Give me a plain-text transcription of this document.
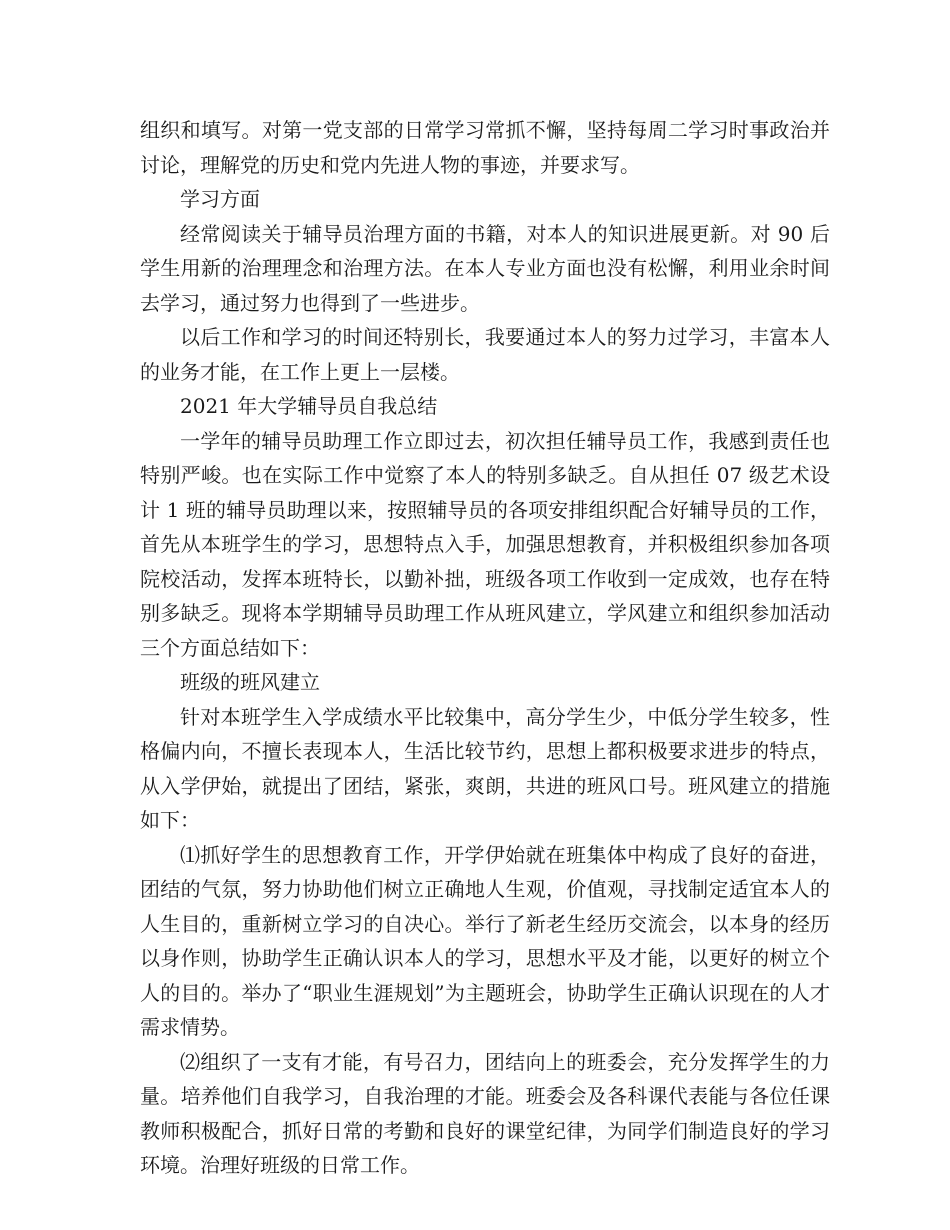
组织和填写。对第一党支部的日常学习常抓不懈，坚持每周二学习时事政治并讨论，理解党的历史和党内先进人物的事迹，并要求写。

学习方面

经常阅读关于辅导员治理方面的书籍，对本人的知识进展更新。对 90 后学生用新的治理理念和治理方法。在本人专业方面也没有松懈，利用业余时间去学习，通过努力也得到了一些进步。

以后工作和学习的时间还特别长，我要通过本人的努力过学习，丰富本人的业务才能，在工作上更上一层楼。

2021 年大学辅导员自我总结

一学年的辅导员助理工作立即过去，初次担任辅导员工作，我感到责任也特别严峻。也在实际工作中觉察了本人的特别多缺乏。自从担任 07 级艺术设计 1 班的辅导员助理以来，按照辅导员的各项安排组织配合好辅导员的工作，首先从本班学生的学习，思想特点入手，加强思想教育，并积极组织参加各项院校活动，发挥本班特长，以勤补拙，班级各项工作收到一定成效，也存在特别多缺乏。现将本学期辅导员助理工作从班风建立，学风建立和组织参加活动三个方面总结如下：

班级的班风建立

针对本班学生入学成绩水平比较集中，高分学生少，中低分学生较多，性格偏内向，不擅长表现本人，生活比较节约，思想上都积极要求进步的特点，从入学伊始，就提出了团结，紧张，爽朗，共进的班风口号。班风建立的措施如下：

⑴抓好学生的思想教育工作，开学伊始就在班集体中构成了良好的奋进，团结的气氛，努力协助他们树立正确地人生观，价值观，寻找制定适宜本人的人生目的，重新树立学习的自决心。举行了新老生经历交流会，以本身的经历以身作则，协助学生正确认识本人的学习，思想水平及才能，以更好的树立个人的目的。举办了“职业生涯规划”为主题班会，协助学生正确认识现在的人才需求情势。

⑵组织了一支有才能，有号召力，团结向上的班委会，充分发挥学生的力量。培养他们自我学习，自我治理的才能。班委会及各科课代表能与各位任课教师积极配合，抓好日常的考勤和良好的课堂纪律，为同学们制造良好的学习环境。治理好班级的日常工作。
